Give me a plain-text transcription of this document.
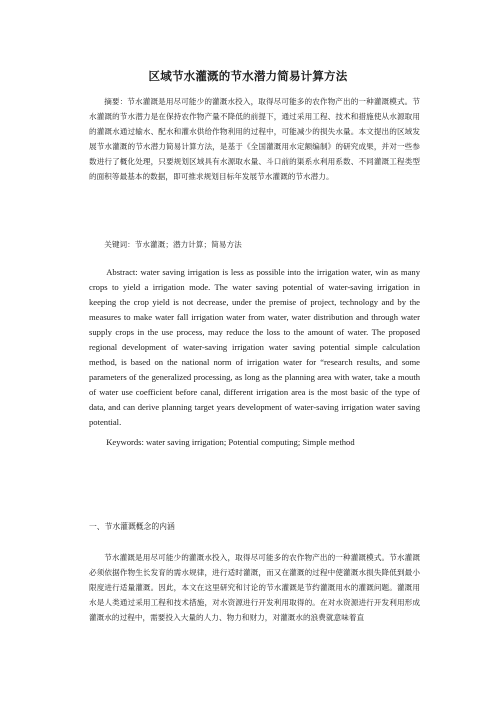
区域节水灌溉的节水潜力简易计算方法
摘要：节水灌溉是用尽可能少的灌溉水投入，取得尽可能多的农作物产出的一种灌溉模式。节水灌溉的节水潜力是在保持农作物产量不降低的前提下，通过采用工程、技术和措施使从水源取用的灌溉水通过输水、配水和灌水供给作物利用的过程中，可能减少的损失水量。本文提出的区域发展节水灌溉的节水潜力简易计算方法，是基于《全国灌溉用水定额编制》的研究成果，并对一些参数进行了概化处理，只要规划区域具有水源取水量、斗口前的渠系水利用系数、不同灌溉工程类型的面积等最基本的数据，即可推求规划目标年发展节水灌溉的节水潜力。
关键词：节水灌溉；潜力计算；简易方法
Abstract: water saving irrigation is less as possible into the irrigation water, win as many crops to yield a irrigation mode. The water saving potential of water-saving irrigation in keeping the crop yield is not decrease, under the premise of project, technology and by the measures to make water fall irrigation water from water, water distribution and through water supply crops in the use process, may reduce the loss to the amount of water. The proposed regional development of water-saving irrigation water saving potential simple calculation method, is based on the national norm of irrigation water for “research results, and some parameters of the generalized processing, as long as the planning area with water, take a mouth of water use coefficient before canal, different irrigation area is the most basic of the type of data, and can derive planning target years development of water-saving irrigation water saving potential.
Keywords: water saving irrigation; Potential computing; Simple method
一、节水灌溉概念的内涵
节水灌溉是用尽可能少的灌溉水投入，取得尽可能多的农作物产出的一种灌溉模式。节水灌溉必须依据作物生长发育的需水规律，进行适时灌溉，而又在灌溉的过程中使灌溉水损失降低到最小限度进行适量灌溉。因此，本文在这里研究和讨论的节水灌溉是节约灌溉用水的灌溉问题。灌溉用水是人类通过采用工程和技术措施，对水资源进行开发利用取得的。在对水资源进行开发利用形成灌溉水的过程中，需要投入大量的人力、物力和财力，对灌溉水的浪费就意味着直
